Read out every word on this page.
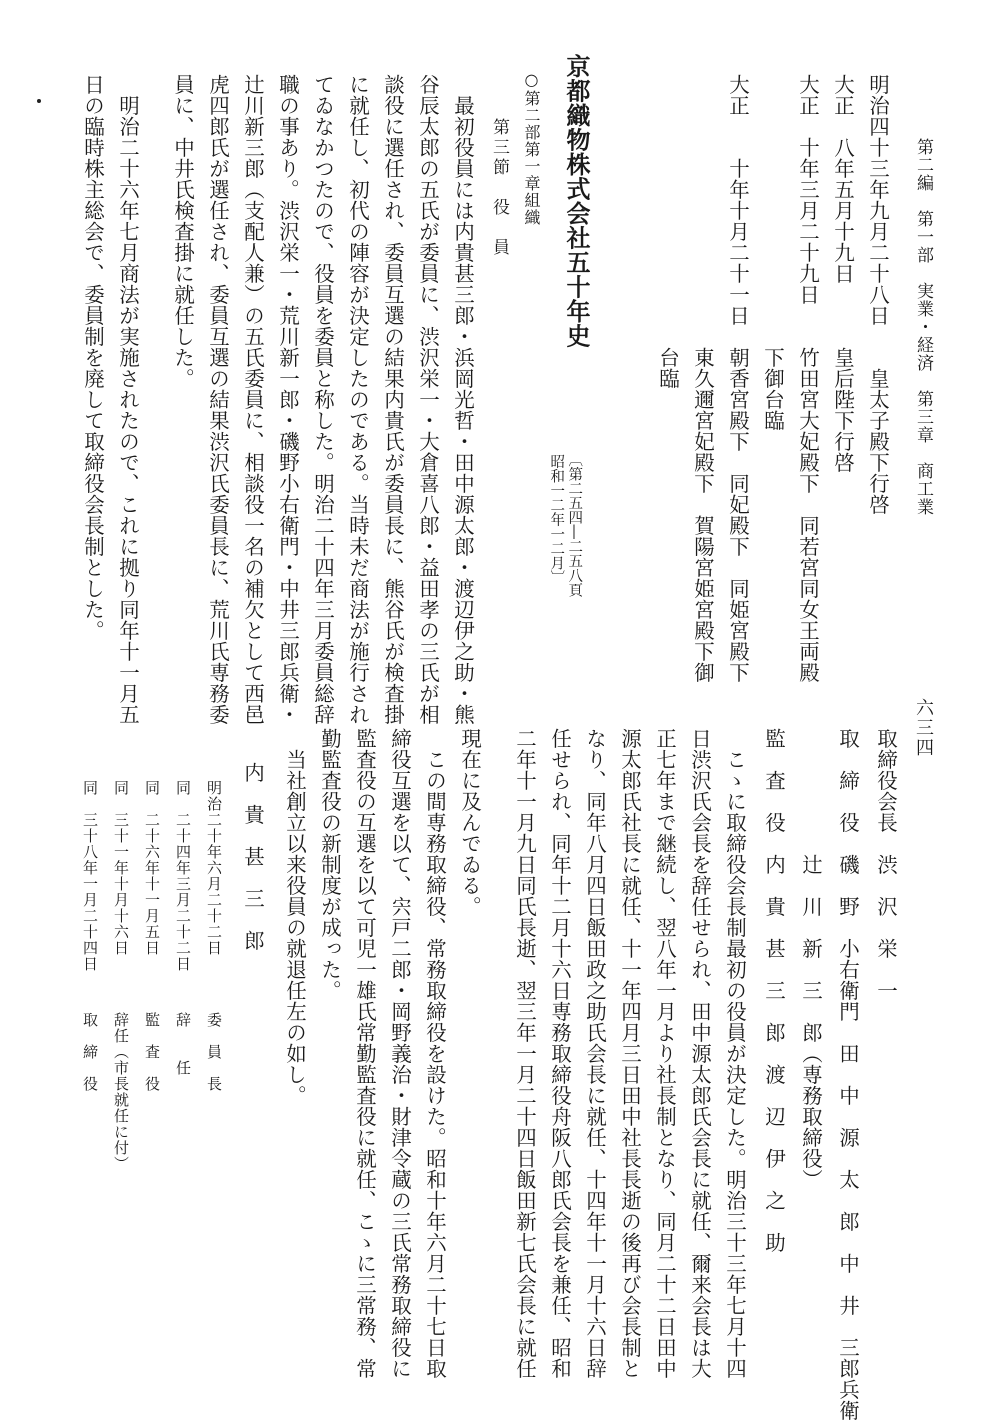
第二編　第一部　実業・経済　第三章　商工業
六三四
明治四十三年九月二十八日　　皇太子殿下行啓
大正　八年五月十九日　　　皇后陛下行啓
大正　十年三月二十九日　　竹田宮大妃殿下　同若宮同女王両殿
　　　　　　　　　　　　　下御台臨
大正　　十年十月二十一日　朝香宮殿下　同妃殿下　同姫宮殿下
　　　　　　　　　　　　　東久邇宮妃殿下　賀陽宮姫宮殿下御
　　　　　　　　　　　　　台臨
京都織物株式会社五十年史
〔第二五四―二五八頁
昭和一二年一二月〕
○第二部第一章組織
第三節　役　員
　最初役員には内貴甚三郎・浜岡光哲・田中源太郎・渡辺伊之助・熊
谷辰太郎の五氏が委員に、渋沢栄一・大倉喜八郎・益田孝の三氏が相
談役に選任され、委員互選の結果内貴氏が委員長に、熊谷氏が検査掛
に就任し、初代の陣容が決定したのである。当時未だ商法が施行され
てゐなかつたので、役員を委員と称した。明治二十四年三月委員総辞
職の事あり。渋沢栄一・荒川新一郎・磯野小右衛門・中井三郎兵衛・
辻川新三郎（支配人兼）の五氏委員に、相談役一名の補欠として西邑
虎四郎氏が選任され、委員互選の結果渋沢氏委員長に、荒川氏専務委
員に、中井氏検査掛に就任した。
　明治二十六年七月商法が実施されたので、これに拠り同年十一月五
日の臨時株主総会で、委員制を廃して取締役会長制とした。
取締役会長　渋　沢　栄　一
取　締　役　磯　野　小右衛門　田　中　源　太　郎　中　井　三郎兵衛
　　　　　　辻　川　新　三　郎（専務取締役）
監　査　役　内　貴　甚　三　郎　渡　辺　伊　之　助
　こゝに取締役会長制最初の役員が決定した。明治三十三年七月十四
日渋沢氏会長を辞任せられ、田中源太郎氏会長に就任、爾来会長は大
正七年まで継続し、翌八年一月より社長制となり、同月二十二日田中
源太郎氏社長に就任、十一年四月三日田中社長長逝の後再び会長制と
なり、同年八月四日飯田政之助氏会長に就任、十四年十一月十六日辞
任せられ、同年十二月十六日専務取締役舟阪八郎氏会長を兼任、昭和
二年十一月九日同氏長逝、翌三年一月二十四日飯田新七氏会長に就任
現在に及んでゐる。
　この間専務取締役、常務取締役を設けた。昭和十年六月二十七日取
締役互選を以て、宍戸二郎・岡野義治・財津令蔵の三氏常務取締役に
監査役の互選を以て可児一雄氏常勤監査役に就任、こゝに三常務、常
勤監査役の新制度が成った。
　当社創立以来役員の就退任左の如し。
内　貴　甚　三　郎
明治二十年六月二十二日
委　員　長
同　二十四年三月二十二日
辞　　任
同　二十六年十一月五日
監　査　役
同　三十一年十月十六日
辞任（市長就任に付）
同　三十八年一月二十四日
取　締　役
